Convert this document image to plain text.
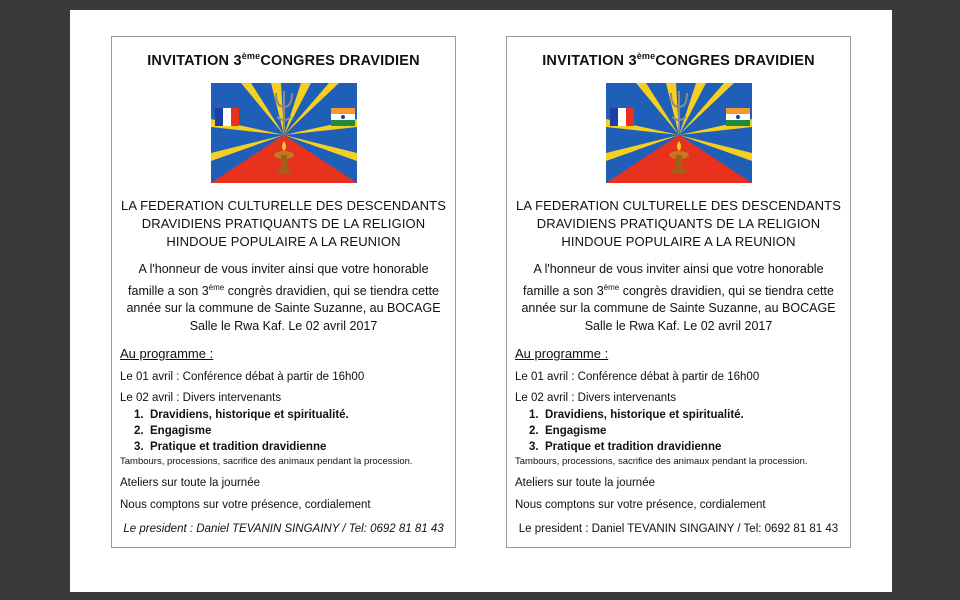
INVITATION 3èmeCONGRES DRAVIDIEN
LA FEDERATION CULTURELLE DES DESCENDANTS
DRAVIDIENS PRATIQUANTS DE LA RELIGION
HINDOUE POPULAIRE A LA REUNION
A l'honneur de vous inviter ainsi que votre honorable
famille a son 3ème congrès dravidien, qui se tiendra cette
année sur la commune de Sainte Suzanne, au BOCAGE
Salle le Rwa Kaf. Le 02 avril 2017
Au programme :
Le 01 avril : Conférence débat à partir de 16h00
Le 02 avril : Divers intervenants
1. Dravidiens, historique et spiritualité.
2. Engagisme
3. Pratique et tradition dravidienne
Tambours, processions, sacrifice des animaux pendant la procession.
Ateliers sur toute la journée
Nous comptons sur votre présence, cordialement
Le president : Daniel TEVANIN SINGAINY / Tel: 0692 81 81 43
INVITATION 3èmeCONGRES DRAVIDIEN
LA FEDERATION CULTURELLE DES DESCENDANTS
DRAVIDIENS PRATIQUANTS DE LA RELIGION
HINDOUE POPULAIRE A LA REUNION
A l'honneur de vous inviter ainsi que votre honorable
famille a son 3ème congrès dravidien, qui se tiendra cette
année sur la commune de Sainte Suzanne, au BOCAGE
Salle le Rwa Kaf. Le 02 avril 2017
Au programme :
Le 01 avril : Conférence débat à partir de 16h00
Le 02 avril : Divers intervenants
1. Dravidiens, historique et spiritualité.
2. Engagisme
3. Pratique et tradition dravidienne
Tambours, processions, sacrifice des animaux pendant la procession.
Ateliers sur toute la journée
Nous comptons sur votre présence, cordialement
Le president : Daniel TEVANIN SINGAINY / Tel: 0692 81 81 43
